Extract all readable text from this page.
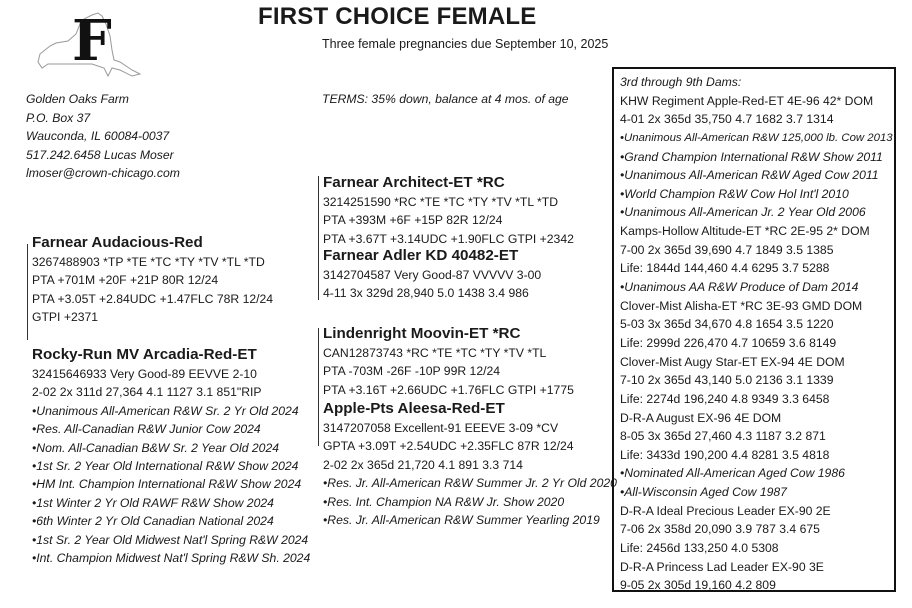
F	FIRST CHOICE FEMALE
Three female pregnancies due September 10, 2025
Golden Oaks Farm
P.O. Box 37
Wauconda, IL 60084-0037
517.242.6458 Lucas Moser
lmoser@crown-chicago.com
TERMS: 35% down, balance at 4 mos. of age
Farnear Audacious-Red
3267488903 *TP *TE *TC *TY *TV *TL *TD
PTA +701M +20F +21P 80R 12/24
PTA +3.05T +2.84UDC +1.47FLC 78R 12/24
GTPI +2371
Rocky-Run MV Arcadia-Red-ET
32415646933 Very Good-89 EEVVE 2-10
2-02 2x 311d 27,364 4.1 1127 3.1 851"RIP
•Unanimous All-American R&W Sr. 2 Yr Old 2024
•Res. All-Canadian R&W Junior Cow 2024
•Nom. All-Canadian B&W Sr. 2 Year Old 2024
•1st Sr. 2 Year Old International R&W Show 2024
•HM Int. Champion International R&W Show 2024
•1st Winter 2 Yr Old RAWF R&W Show 2024
•6th Winter 2 Yr Old Canadian National 2024
•1st Sr. 2 Year Old Midwest Nat'l Spring R&W 2024
•Int. Champion Midwest Nat'l Spring R&W Sh. 2024
Farnear Architect-ET *RC
3214251590 *RC *TE *TC *TY *TV *TL *TD
PTA +393M +6F +15P 82R 12/24
PTA +3.67T +3.14UDC +1.90FLC GTPI +2342
Farnear Adler KD 40482-ET
3142704587 Very Good-87 VVVVV 3-00
4-11 3x 329d 28,940 5.0 1438 3.4 986
Lindenright Moovin-ET *RC
CAN12873743 *RC *TE *TC *TY *TV *TL
PTA -703M -26F -10P 99R 12/24
PTA +3.16T +2.66UDC +1.76FLC GTPI +1775
Apple-Pts Aleesa-Red-ET
3147207058 Excellent-91 EEEVE 3-09 *CV
GPTA +3.09T +2.54UDC +2.35FLC 87R 12/24
2-02 2x 365d 21,720 4.1 891 3.3 714
•Res. Jr. All-American R&W Summer Jr. 2 Yr Old 2020
•Res. Int. Champion NA R&W Jr. Show 2020
•Res. Jr. All-American R&W Summer Yearling 2019
3rd through 9th Dams:
KHW Regiment Apple-Red-ET 4E-96 42* DOM
4-01 2x 365d 35,750 4.7 1682 3.7 1314
•Unanimous All-American R&W 125,000 lb. Cow 2013
•Grand Champion International R&W Show 2011
•Unanimous All-American R&W Aged Cow 2011
•World Champion R&W Cow Hol Int'l 2010
•Unanimous All-American Jr. 2 Year Old 2006
Kamps-Hollow Altitude-ET *RC 2E-95 2* DOM
7-00 2x 365d 39,690 4.7 1849 3.5 1385
Life: 1844d 144,460 4.4 6295 3.7 5288
•Unanimous AA R&W Produce of Dam 2014
Clover-Mist Alisha-ET *RC 3E-93 GMD DOM
5-03 3x 365d 34,670 4.8 1654 3.5 1220
Life: 2999d 226,470 4.7 10659 3.6 8149
Clover-Mist Augy Star-ET EX-94 4E DOM
7-10 2x 365d 43,140 5.0 2136 3.1 1339
Life: 2274d 196,240 4.8 9349 3.3 6458
D-R-A August EX-96 4E DOM
8-05 3x 365d 27,460 4.3 1187 3.2 871
Life: 3433d 190,200 4.4 8281 3.5 4818
•Nominated All-American Aged Cow 1986
•All-Wisconsin Aged Cow 1987
D-R-A Ideal Precious Leader EX-90 2E
7-06 2x 358d 20,090 3.9 787 3.4 675
Life: 2456d 133,250 4.0 5308
D-R-A Princess Lad Leader EX-90 3E
9-05 2x 305d 19,160 4.2 809
